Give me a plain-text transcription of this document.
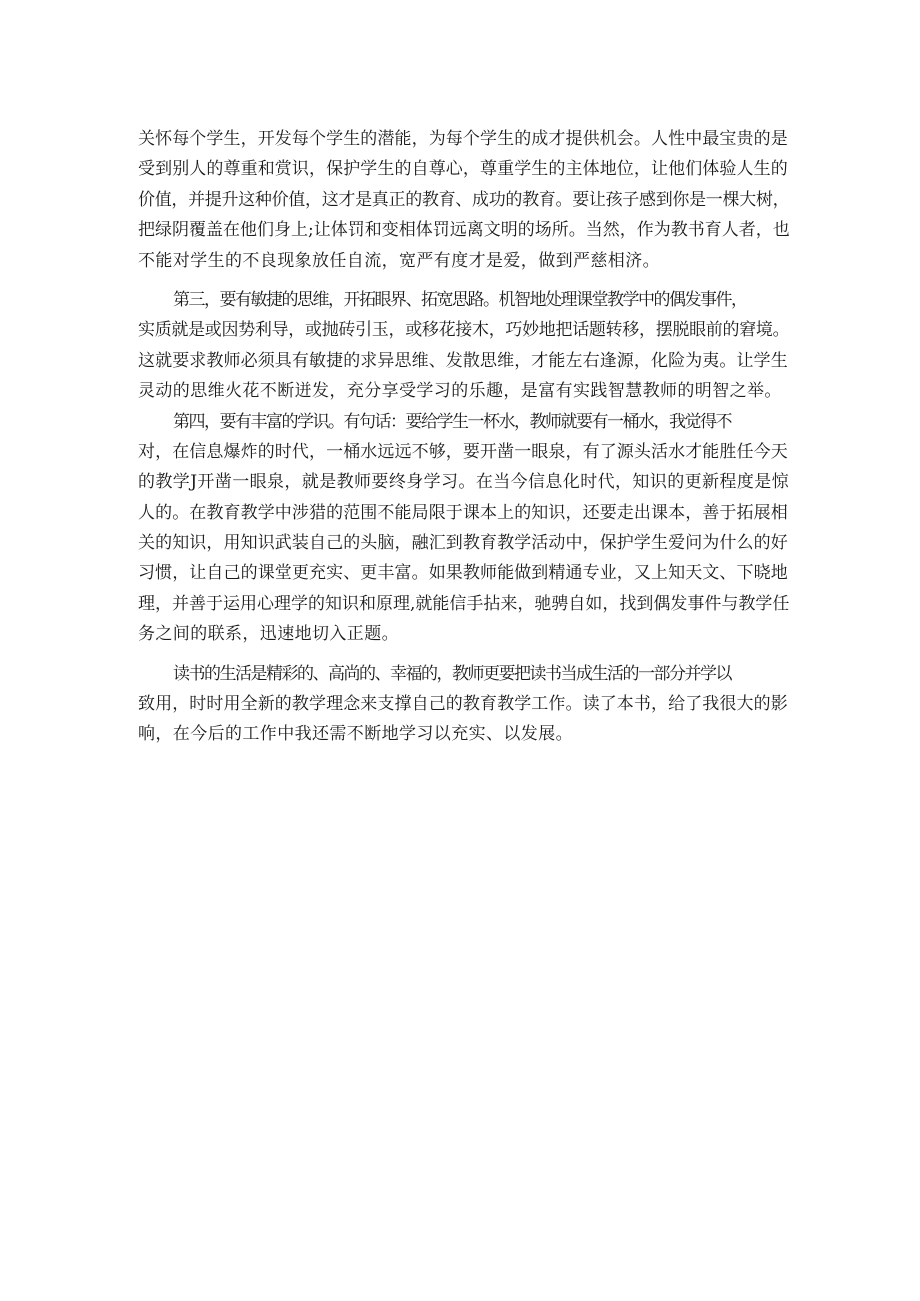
关怀每个学生，开发每个学生的潜能，为每个学生的成才提供机会。人性中最宝贵的是
受到别人的尊重和赏识，保护学生的自尊心，尊重学生的主体地位，让他们体验人生的
价值，并提升这种价值，这才是真正的教育、成功的教育。要让孩子感到你是一棵大树，
把绿阴覆盖在他们身上;让体罚和变相体罚远离文明的场所。当然，作为教书育人者，也
不能对学生的不良现象放任自流，宽严有度才是爱，做到严慈相济。

第三，要有敏捷的思维，开拓眼界、拓宽思路。机智地处理课堂教学中的偶发事件，
实质就是或因势利导，或抛砖引玉，或移花接木，巧妙地把话题转移，摆脱眼前的窘境。
这就要求教师必须具有敏捷的求异思维、发散思维，才能左右逢源，化险为夷。让学生
灵动的思维火花不断迸发，充分享受学习的乐趣，是富有实践智慧教师的明智之举。

第四，要有丰富的学识。有句话：要给学生一杯水，教师就要有一桶水，我觉得不
对，在信息爆炸的时代，一桶水远远不够，要开凿一眼泉，有了源头活水才能胜任今天
的教学J开凿一眼泉，就是教师要终身学习。在当今信息化时代，知识的更新程度是惊
人的。在教育教学中涉猎的范围不能局限于课本上的知识，还要走出课本，善于拓展相
关的知识，用知识武装自己的头脑，融汇到教育教学活动中，保护学生爱问为什么的好
习惯，让自己的课堂更充实、更丰富。如果教师能做到精通专业，又上知天文、下晓地
理，并善于运用心理学的知识和原理,就能信手拈来，驰骋自如，找到偶发事件与教学任
务之间的联系，迅速地切入正题。

读书的生活是精彩的、高尚的、幸福的，教师更要把读书当成生活的一部分并学以
致用，时时用全新的教学理念来支撑自己的教育教学工作。读了本书，给了我很大的影
响，在今后的工作中我还需不断地学习以充实、以发展。
